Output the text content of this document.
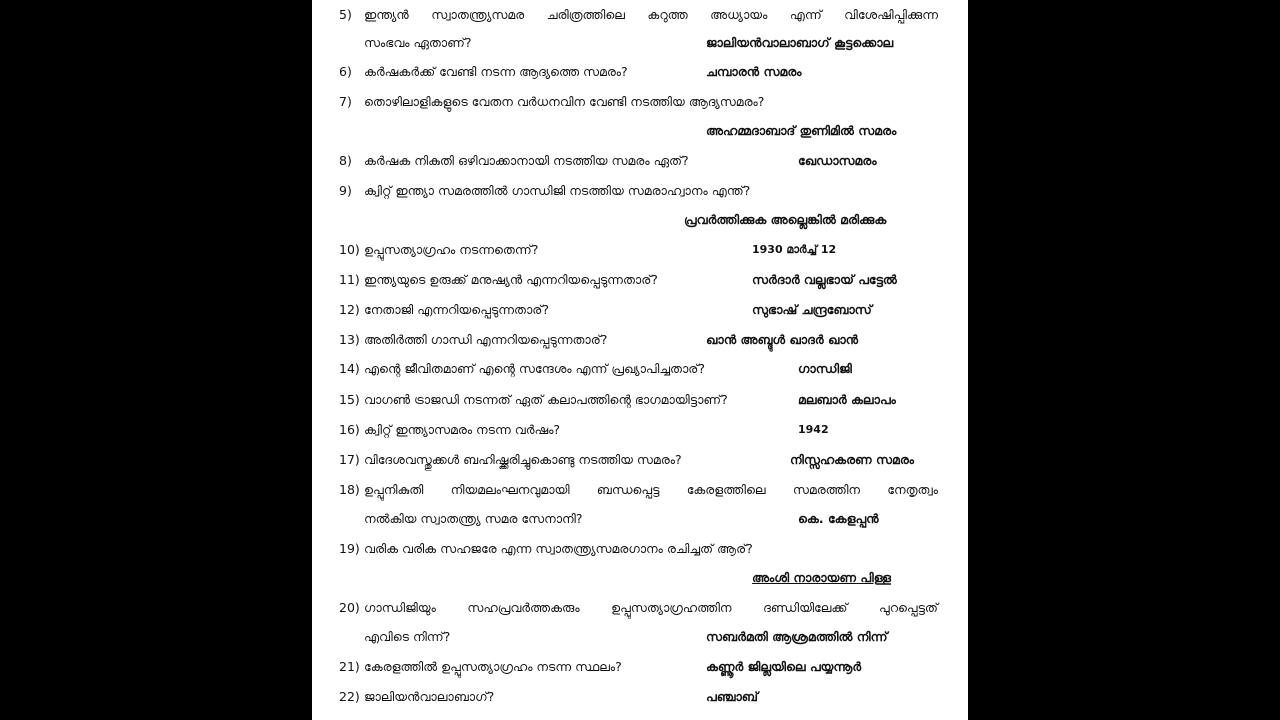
5) ഇന്ത്യൻ സ്വാതന്ത്ര്യസമര ചരിത്രത്തിലെ കറുത്ത അധ്യായം എന്ന് വിശേഷിപ്പിക്കുന്ന
സംഭവം ഏതാണ്?	ജാലിയൻവാലാബാഗ് കൂട്ടക്കൊല
6) കർഷകർക്ക് വേണ്ടി നടന്ന ആദ്യത്തെ സമരം?	ചമ്പാരൻ സമരം
7) തൊഴിലാളികളുടെ വേതന വർധനവിന വേണ്ടി നടത്തിയ ആദ്യസമരം?
അഹമ്മദാബാദ് തുണിമിൽ സമരം
8) കർഷക നികുതി ഒഴിവാക്കാനായി നടത്തിയ സമരം ഏത്?	ഖേഡാസമരം
9) ക്വിറ്റ് ഇന്ത്യാ സമരത്തിൽ ഗാന്ധിജി നടത്തിയ സമരാഹ്വാനം എന്ത്?
പ്രവർത്തിക്കുക അല്ലെങ്കിൽ മരിക്കുക
10) ഉപ്പുസത്യാഗ്രഹം നടന്നതെന്ന്?	1930 മാർച്ച് 12
11) ഇന്ത്യയുടെ ഉരുക്ക് മനുഷ്യൻ എന്നറിയപ്പെടുന്നതാര്?	സർദാർ വല്ലഭായ് പട്ടേൽ
12) നേതാജി എന്നറിയപ്പെടുന്നതാര്?	സുഭാഷ് ചന്ദ്രബോസ്
13) അതിർത്തി ഗാന്ധി എന്നറിയപ്പെടുന്നതാര്?	ഖാൻ അബ്ദുൾ ഖാദർ ഖാൻ
14) എന്റെ ജീവിതമാണ് എന്റെ സന്ദേശം എന്ന് പ്രഖ്യാപിച്ചതാര്?	ഗാന്ധിജി
15) വാഗൺ ട്രാജഡി നടന്നത് ഏത് കലാപത്തിന്റെ ഭാഗമായിട്ടാണ്?	മലബാർ കലാപം
16) ക്വിറ്റ് ഇന്ത്യാസമരം നടന്ന വർഷം?	1942
17) വിദേശവസ്തുക്കൾ ബഹിഷ്ക്കരിച്ചുകൊണ്ടു നടത്തിയ സമരം?	നിസ്സഹകരണ സമരം
18) ഉപ്പുനികുതി നിയമലംഘനവുമായി ബന്ധപ്പെട്ട കേരളത്തിലെ സമരത്തിന നേതൃത്വം
നൽകിയ സ്വാതന്ത്ര്യ സമര സേനാനി?	കെ. കേളപ്പൻ
19) വരിക വരിക സഹജരേ എന്ന സ്വാതന്ത്ര്യസമരഗാനം രചിച്ചത് ആര്?
അംശി നാരായണ പിള്ള
20) ഗാന്ധിജിയും സഹപ്രവർത്തകരും ഉപ്പുസത്യാഗ്രഹത്തിന ദണ്ഡിയിലേക്ക് പുറപ്പെട്ടത്
എവിടെ നിന്ന്?	സബർമതി ആശ്രമത്തിൽ നിന്ന്
21) കേരളത്തിൽ ഉപ്പുസത്യാഗ്രഹം നടന്ന സ്ഥലം?	കണ്ണൂർ ജില്ലയിലെ പയ്യന്നൂർ
22) ജാലിയൻവാലാബാഗ്?	പഞ്ചാബ്
